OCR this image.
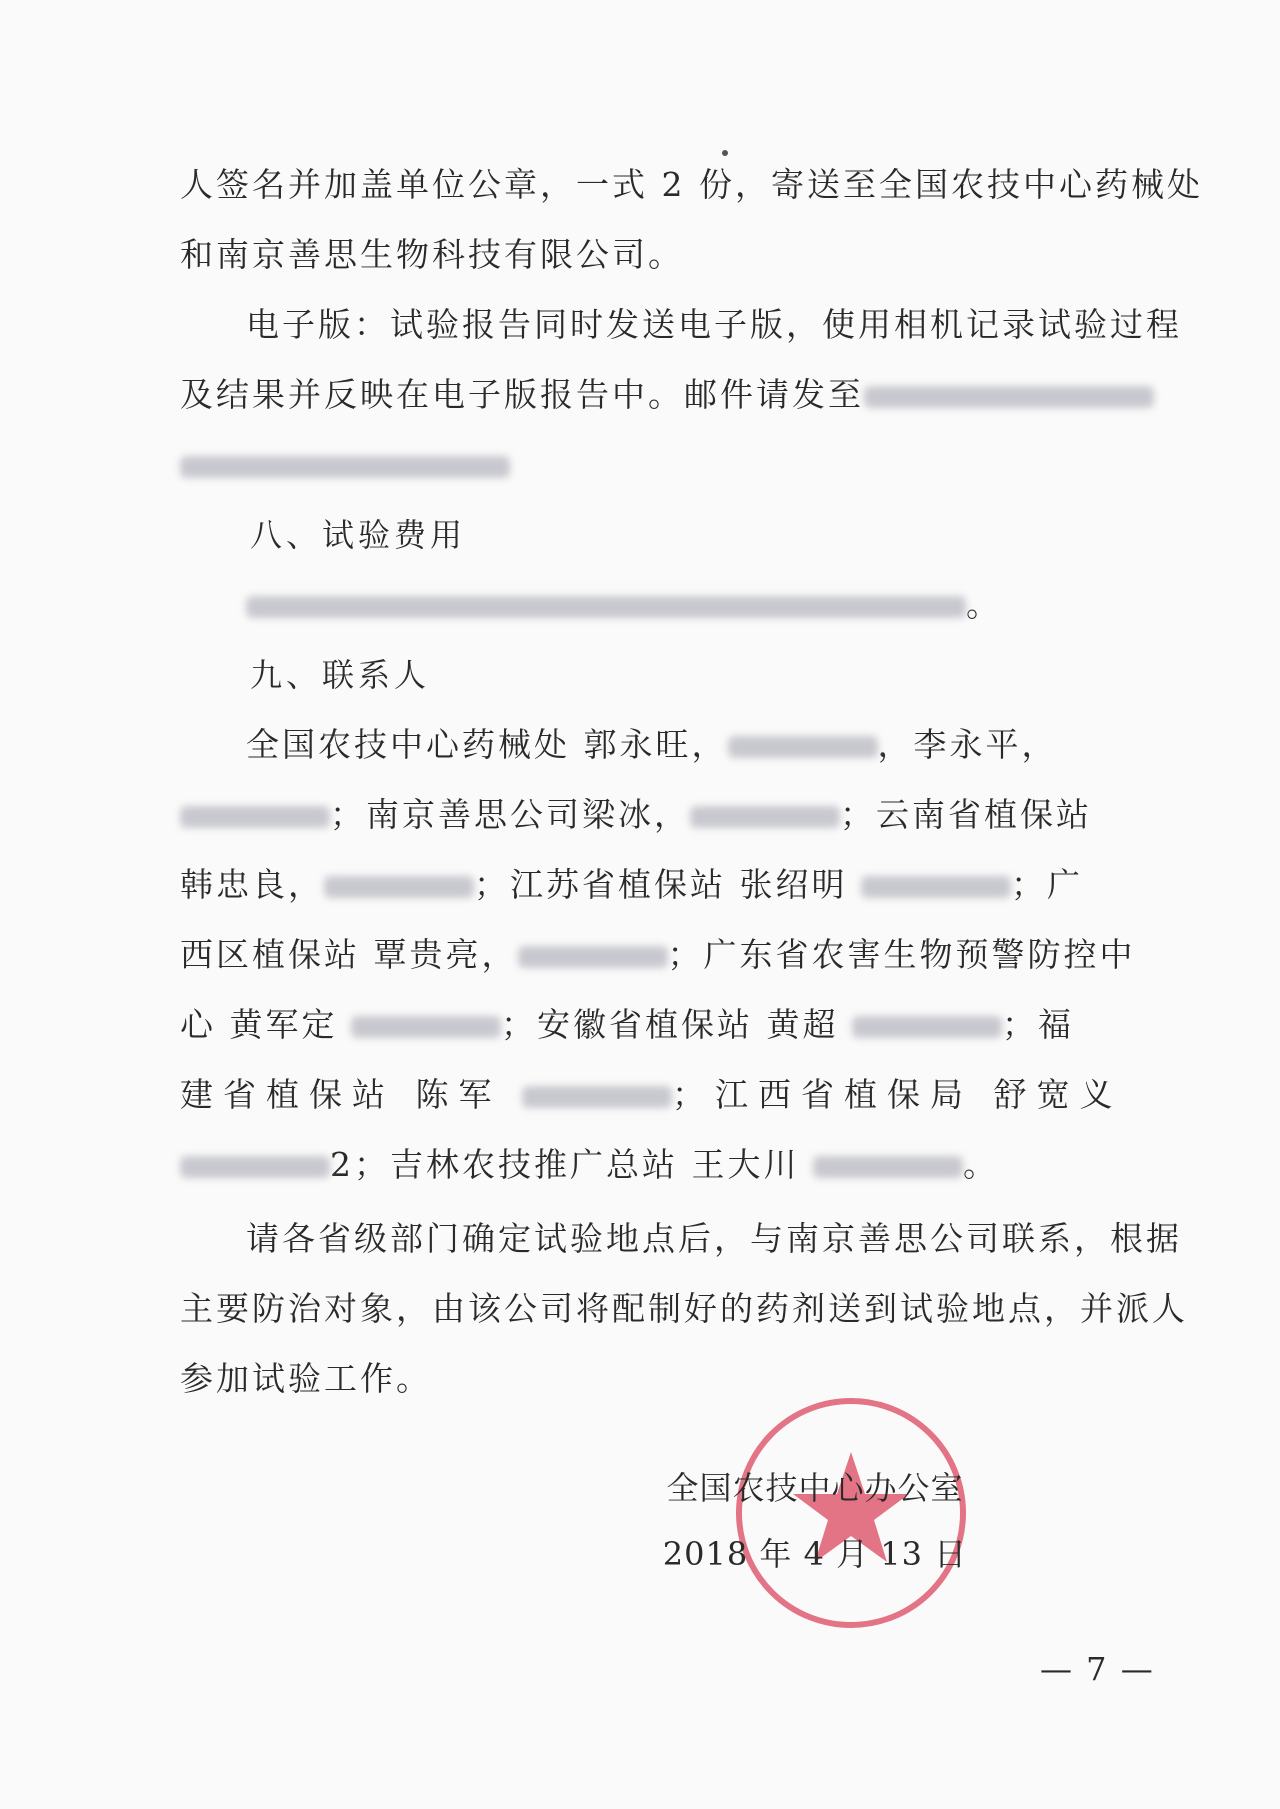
人签名并加盖单位公章，一式 2 份，寄送至全国农技中心药械处
和南京善思生物科技有限公司。
电子版：试验报告同时发送电子版，使用相机记录试验过程
及结果并反映在电子版报告中。邮件请发至
八、试验费用
。
九、联系人
全国农技中心药械处 郭永旺，	，李永平，
；南京善思公司梁冰，	；云南省植保站
韩忠良，	；江苏省植保站 张绍明	；广
西区植保站 覃贵亮，	；广东省农害生物预警防控中
心 黄军定	；安徽省植保站 黄超	；福
建省植保站 陈军	；江西省植保局 舒宽义
2；吉林农技推广总站 王大川	。
请各省级部门确定试验地点后，与南京善思公司联系，根据
主要防治对象，由该公司将配制好的药剂送到试验地点，并派人
参加试验工作。
全国农技中心办公室
2018 年 4 月 13 日
— 7 —
